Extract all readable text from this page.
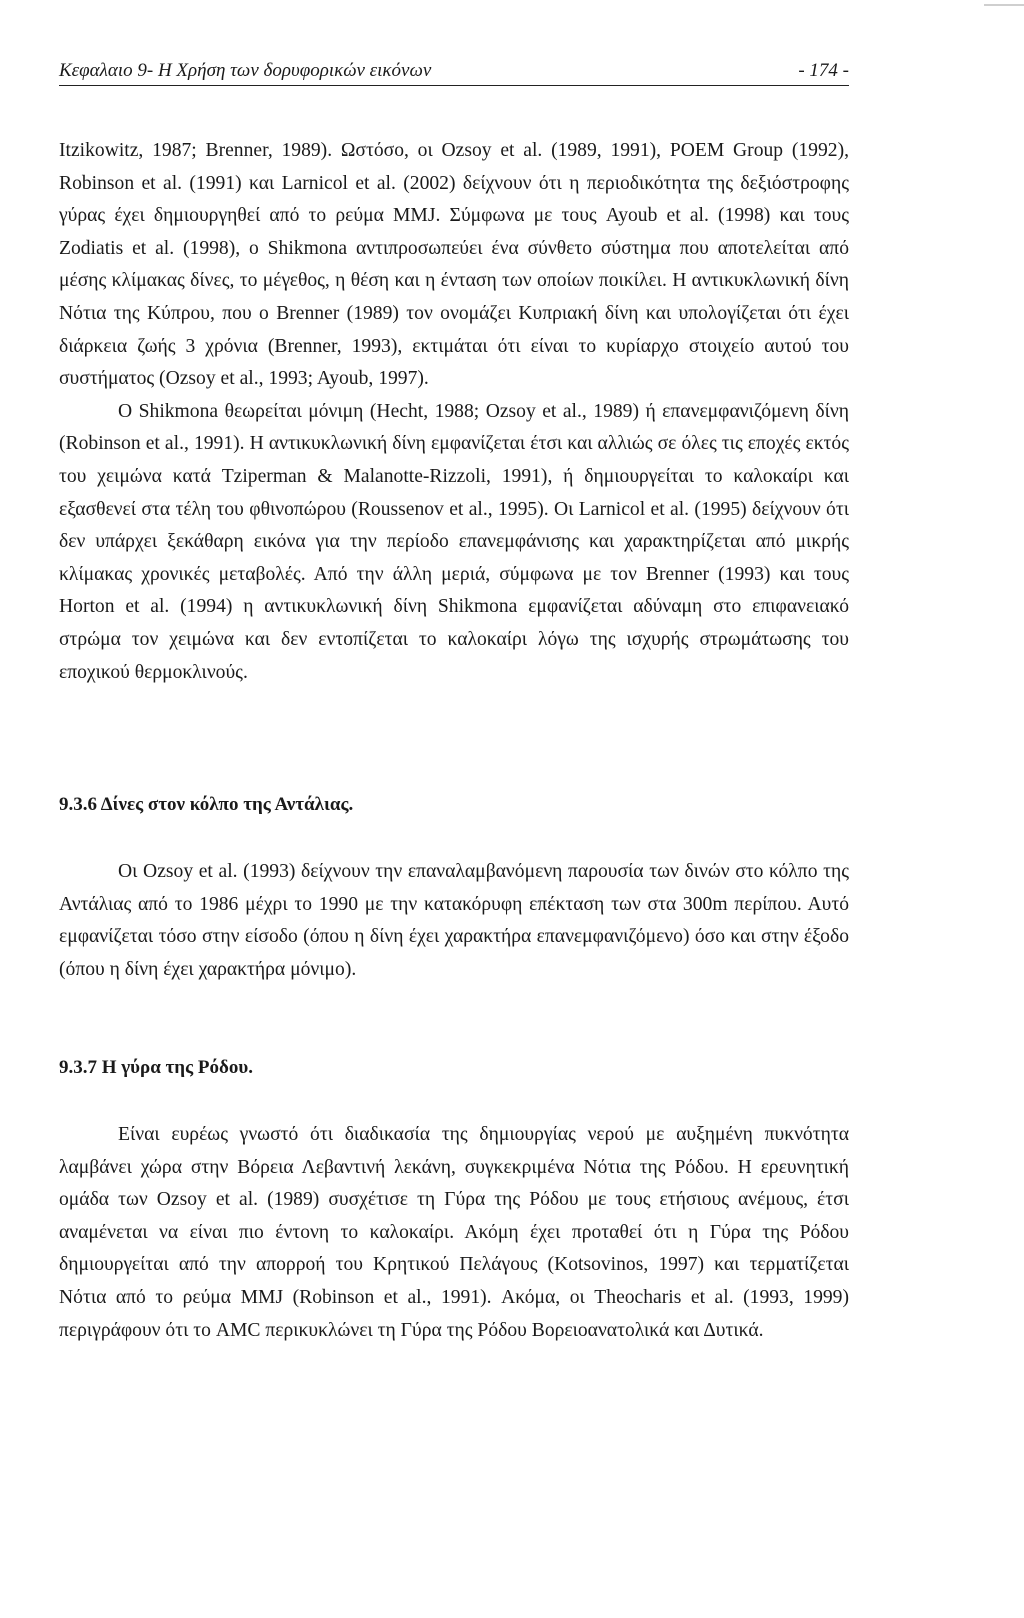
Κεφαλαιο 9- Η Χρήση των δορυφορικών εικόνων	- 174 -

Itzikowitz, 1987; Brenner, 1989). Ωστόσο, οι Ozsoy et al. (1989, 1991), POEM Group (1992), Robinson et al. (1991) και Larnicol et al. (2002) δείχνουν ότι η περιοδικότητα της δεξιόστροφης γύρας έχει δημιουργηθεί από το ρεύμα MMJ. Σύμφωνα με τους Ayoub et al. (1998) και τους Zodiatis et al. (1998), ο Shikmona αντιπροσωπεύει ένα σύνθετο σύστημα που αποτελείται από μέσης κλίμακας δίνες, το μέγεθος, η θέση και η ένταση των οποίων ποικίλει. Η αντικυκλωνική δίνη Νότια της Κύπρου, που ο Brenner (1989) τον ονομάζει Κυπριακή δίνη και υπολογίζεται ότι έχει διάρκεια ζωής 3 χρόνια (Brenner, 1993), εκτιμάται ότι είναι το κυρίαρχο στοιχείο αυτού του συστήματος (Ozsoy et al., 1993; Ayoub, 1997).

O Shikmona θεωρείται μόνιμη (Hecht, 1988; Ozsoy et al., 1989) ή επανεμφανιζόμενη δίνη (Robinson et al., 1991). Η αντικυκλωνική δίνη εμφανίζεται έτσι και αλλιώς σε όλες τις εποχές εκτός του χειμώνα κατά Tziperman & Malanotte-Rizzoli, 1991), ή δημιουργείται το καλοκαίρι και εξασθενεί στα τέλη του φθινοπώρου (Roussenov et al., 1995). Οι Larnicol et al. (1995) δείχνουν ότι δεν υπάρχει ξεκάθαρη εικόνα για την περίοδο επανεμφάνισης και χαρακτηρίζεται από μικρής κλίμακας χρονικές μεταβολές. Από την άλλη μεριά, σύμφωνα με τον Brenner (1993) και τους Horton et al. (1994) η αντικυκλωνική δίνη Shikmona εμφανίζεται αδύναμη στο επιφανειακό στρώμα τον χειμώνα και δεν εντοπίζεται το καλοκαίρι λόγω της ισχυρής στρωμάτωσης του εποχικού θερμοκλινούς.

9.3.6 Δίνες στον κόλπο της Αντάλιας.

Οι Ozsoy et al. (1993) δείχνουν την επαναλαμβανόμενη παρουσία των δινών στο κόλπο της Αντάλιας από το 1986 μέχρι το 1990 με την κατακόρυφη επέκταση των στα 300m περίπου. Αυτό εμφανίζεται τόσο στην είσοδο (όπου η δίνη έχει χαρακτήρα επανεμφανιζόμενο) όσο και στην έξοδο (όπου η δίνη έχει χαρακτήρα μόνιμο).

9.3.7 Η γύρα της Ρόδου.

Είναι ευρέως γνωστό ότι διαδικασία της δημιουργίας νερού με αυξημένη πυκνότητα λαμβάνει χώρα στην Βόρεια Λεβαντινή λεκάνη, συγκεκριμένα Νότια της Ρόδου. Η ερευνητική ομάδα των Ozsoy et al. (1989) συσχέτισε τη Γύρα της Ρόδου με τους ετήσιους ανέμους, έτσι αναμένεται να είναι πιο έντονη το καλοκαίρι. Ακόμη έχει προταθεί ότι η Γύρα της Ρόδου δημιουργείται από την απορροή του Κρητικού Πελάγους (Kotsovinos, 1997) και τερματίζεται Νότια από το ρεύμα MMJ (Robinson et al., 1991). Ακόμα, οι Theocharis et al. (1993, 1999) περιγράφουν ότι το AMC περικυκλώνει τη Γύρα της Ρόδου Βορειοανατολικά και Δυτικά.
